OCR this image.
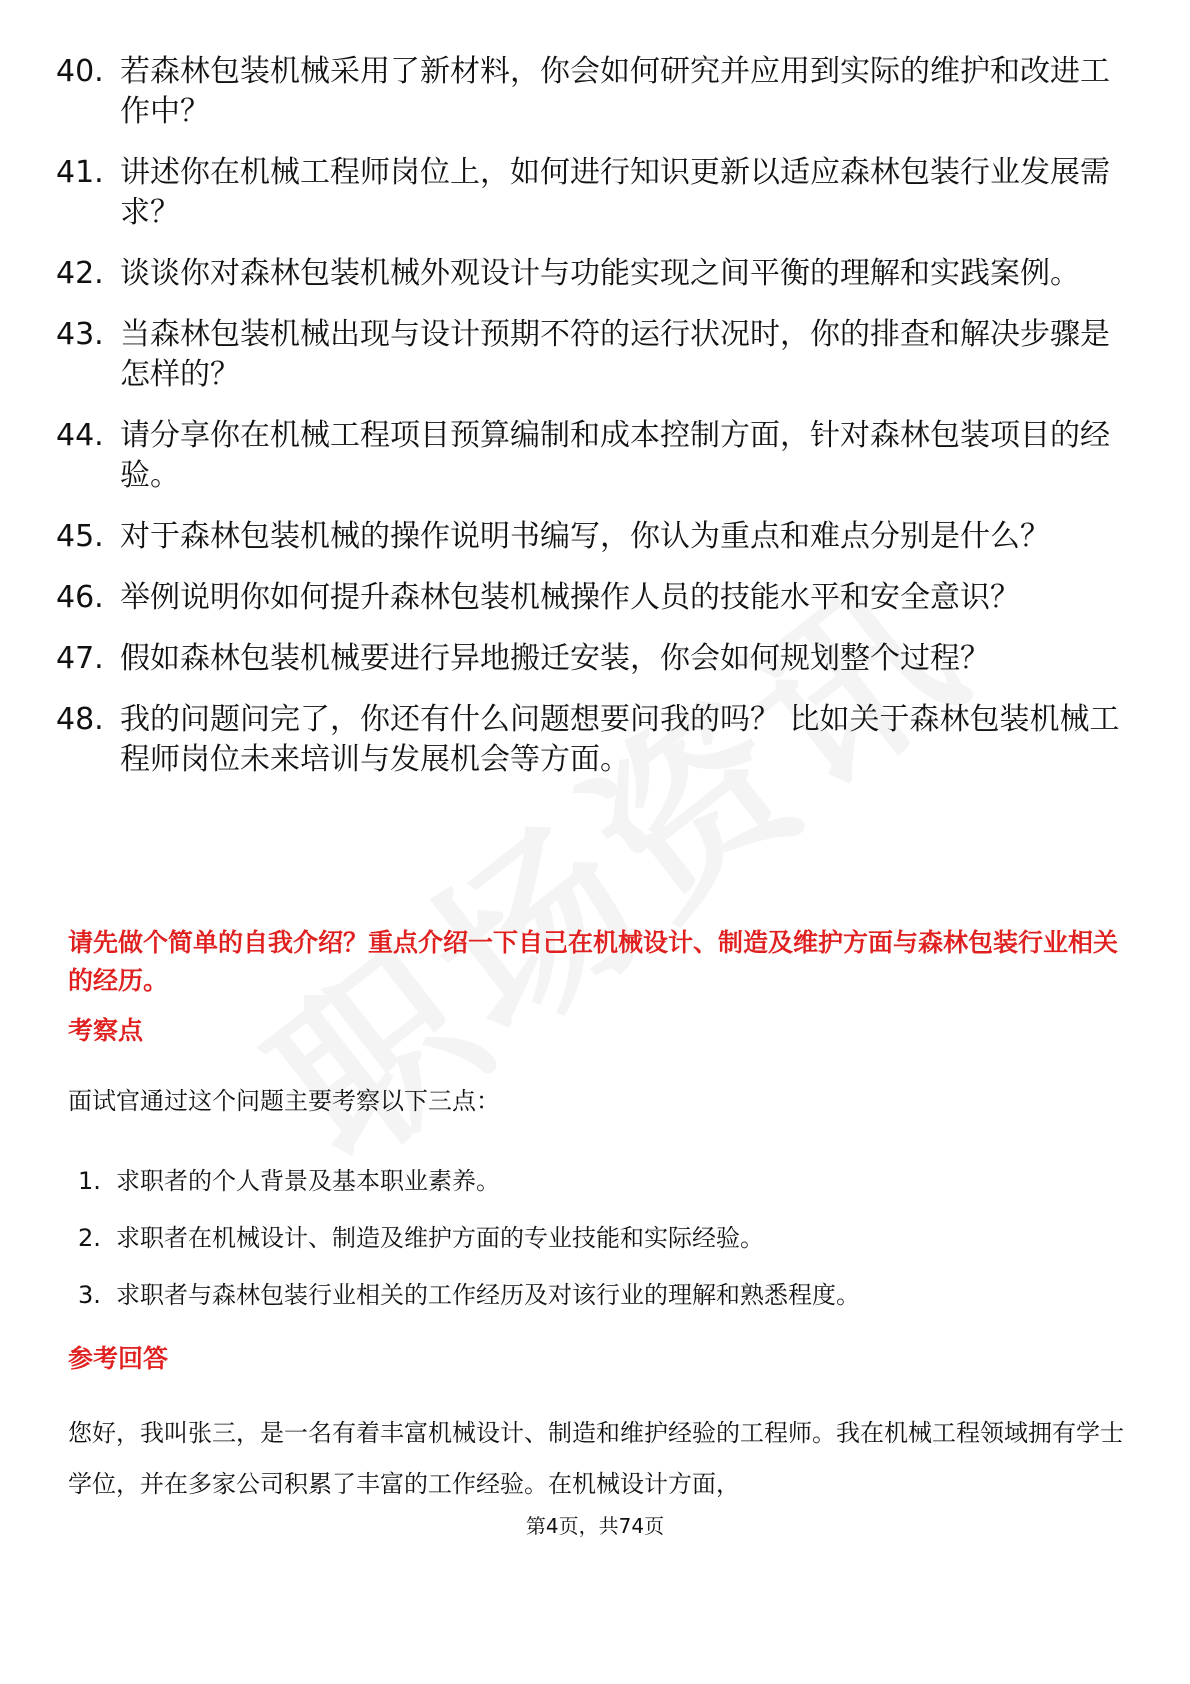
40. 若森林包装机械采用了新材料，你会如何研究并应用到实际的维护和改进工作中？
41. 讲述你在机械工程师岗位上，如何进行知识更新以适应森林包装行业发展需求？
42. 谈谈你对森林包装机械外观设计与功能实现之间平衡的理解和实践案例。
43. 当森林包装机械出现与设计预期不符的运行状况时，你的排查和解决步骤是怎样的？
44. 请分享你在机械工程项目预算编制和成本控制方面，针对森林包装项目的经验。
45. 对于森林包装机械的操作说明书编写，你认为重点和难点分别是什么？
46. 举例说明你如何提升森林包装机械操作人员的技能水平和安全意识？
47. 假如森林包装机械要进行异地搬迁安装，你会如何规划整个过程？
48. 我的问题问完了，你还有什么问题想要问我的吗？ 比如关于森林包装机械工程师岗位未来培训与发展机会等方面。
请先做个简单的自我介绍？重点介绍一下自己在机械设计、制造及维护方面与森林包装行业相关的经历。
考察点
面试官通过这个问题主要考察以下三点：
1. 求职者的个人背景及基本职业素养。
2. 求职者在机械设计、制造及维护方面的专业技能和实际经验。
3. 求职者与森林包装行业相关的工作经历及对该行业的理解和熟悉程度。
参考回答
您好，我叫张三，是一名有着丰富机械设计、制造和维护经验的工程师。我在机械工程领域拥有学士学位，并在多家公司积累了丰富的工作经验。在机械设计方面，
第4页，共74页
